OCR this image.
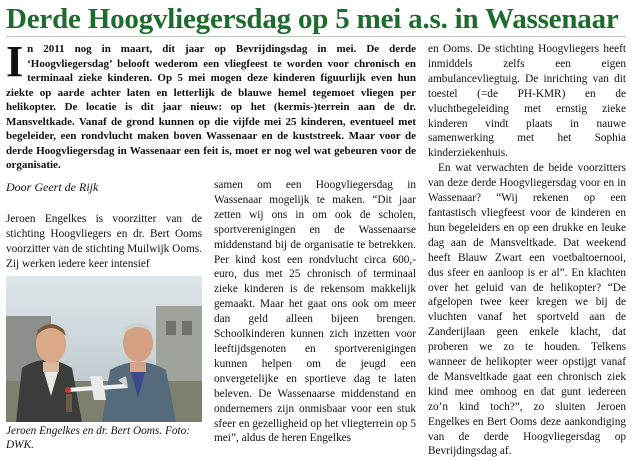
Derde Hoogvliegersdag op 5 mei a.s. in Wassenaar
I n 2011 nog in maart, dit jaar op Bevrijdingsdag in mei. De derde ‘Hoogvliegersdag’ belooft wederom een vliegfeest te worden voor chronisch en terminaal zieke kinderen. Op 5 mei mogen deze kinderen figuurlijk even hun ziekte op aarde achter laten en letterlijk de blauwe hemel tegemoet vliegen per helikopter. De locatie is dit jaar nieuw: op het (kermis-)terrein aan de dr. Mansveltkade. Vanaf de grond kunnen op die vijfde mei 25 kinderen, eventueel met begeleider, een rondvlucht maken boven Wassenaar en de kuststreek. Maar voor de derde Hoogvliegersdag in Wassenaar een feit is, moet er nog wel wat gebeuren voor de organisatie.
Door Geert de Rijk
Jeroen Engelkes is voorzitter van de stichting Hoogvliegers en dr. Bert Ooms voorzitter van de stichting Muilwijk Ooms. Zij werken iedere keer intensief
Jeroen Engelkes en dr. Bert Ooms. Foto: DWK.
samen om een Hoogvliegersdag in Wassenaar mogelijk te maken. “Dit jaar zetten wij ons in om ook de scholen, sportverenigingen en de Wassenaarse middenstand bij de organisatie te betrekken. Per kind kost een rondvlucht circa 600,- euro, dus met 25 chronisch of terminaal zieke kinderen is de rekensom makkelijk gemaakt. Maar het gaat ons ook om meer dan geld alleen bijeen brengen. Schoolkinderen kunnen zich inzetten voor leeftijdsgenoten en sportverenigingen kunnen helpen om de jeugd een onvergetelijke en sportieve dag te laten beleven. De Wassenaarse middenstand en ondernemers zijn onmisbaar voor een stuk sfeer en gezelligheid op het vliegterrein op 5 mei”, aldus de heren Engelkes

en Ooms. De stichting Hoogvliegers heeft inmiddels zelfs een eigen ambulancevliegtuig. De inrichting van dit toestel (=de PH-KMR) en de vluchtbegeleiding met ernstig zieke kinderen vindt plaats in nauwe samenwerking met het Sophia kinderziekenhuis.

En wat verwachten de beide voorzitters van deze derde Hoogvliegersdag voor en in Wassenaar? “Wij rekenen op een fantastisch vliegfeest voor de kinderen en hun begeleiders en op een drukke en leuke dag aan de Mansveltkade. Dat weekend heeft Blauw Zwart een voetbaltoernooi, dus sfeer en aanloop is er al”. En klachten over het geluid van de helikopter? “De afgelopen twee keer kregen we bij de vluchten vanaf het sportveld aan de Zanderijlaan geen enkele klacht, dat proberen we zo te houden. Telkens wanneer de helikopter weer opstijgt vanaf de Mansveltkade gaat een chronisch ziek kind mee omhoog en dat gunt iedereen zo’n kind toch?”, zo sluiten Jeroen Engelkes en Bert Ooms deze aankondiging van de derde Hoogvliegersdag op Bevrijdingsdag af.
